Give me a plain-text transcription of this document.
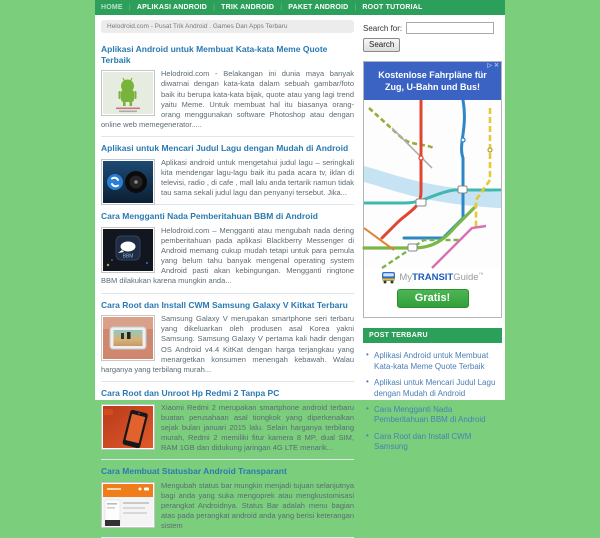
HOME	| APLIKASI ANDROID	| TRIK ANDROID	| PAKET ANDROID	| ROOT TUTORIAL
Helodroid.com - Pusat Trik Android . Games Dan Apps Terbaru
Aplikasi Android untuk Membuat Kata-kata Meme Quote Terbaik

Helodroid.com - Belakangan ini dunia maya banyak diwarnai dengan kata-kata dalam sebuah gambar/foto baik itu berupa kata-kata bijak, quote atau yang lagi trend yaitu Meme. Untuk membuat hal itu biasanya orang-orang menggunakan software Photoshop atau dengan online web memegenerator.....

Aplikasi untuk Mencari Judul Lagu dengan Mudah di Android

Aplikasi android untuk mengetahui judul lagu – seringkali kita mendengar lagu-lagu baik itu pada acara tv, iklan di televisi, radio , di cafe , mall lalu anda tertarik namun tidak tau sama sekali judul lagu dan penyanyi tersebut. Jika...

Cara Mengganti Nada Pemberitahuan BBM di Android
BBM

Helodroid.com – Mengganti atau mengubah nada dering pemberitahuan pada aplikasi Blackberry Messenger di Android memang cukup mudah tetapi untuk para pemula yang belum tahu banyak mengenal operating system Android pasti akan kebingungan. Mengganti ringtone BBM dilakukan karena mungkin anda...

Cara Root dan Install CWM Samsung Galaxy V Kitkat Terbaru

Samsung Galaxy V merupakan smartphone seri terbaru yang dikeluarkan oleh produsen asal Korea yakni Samsung. Samsung Galaxy V pertama kali hadir dengan OS Android v4.4 KitKat dengan harga terjangkau yang menargetkan konsumen menengah kebawah. Walau harganya yang terbilang murah...

Cara Root dan Unroot Hp Redmi 2 Tanpa PC

Xiaomi Redmi 2 merupakan smartphone android terbaru buatan perusahaan asal tiongkok yang diperkenalkan sejak bulan januari 2015 lalu. Selain harganya terbilang murah, Redmi 2 memiliki fitur kamera 8 MP, dual SIM, RAM 1GB dan didukung jaringan 4G LTE menarik...

Cara Membuat Statusbar Android Transparant

Mengubah status bar mungkin menjadi tujuan selanjutnya bagi anda yang suka mengoprek atau mengkustomisasi perangkat Androidnya. Status Bar adalah menu bagian atas pada perangkat android anda yang berisi keterangan sistem

Search for:
Search
Kostenlose Fahrpläne für Zug, U-Bahn und Bus!
▷ ✕
MyTRANSITGuide™
Gratis!
POST TERBARU
• Aplikasi Android untuk Membuat Kata-kata Meme Quote Terbaik
• Aplikasi untuk Mencari Judul Lagu dengan Mudah di Android
• Cara Mengganti Nada Pemberitahuan BBM di Android
• Cara Root dan Install CWM Samsung
